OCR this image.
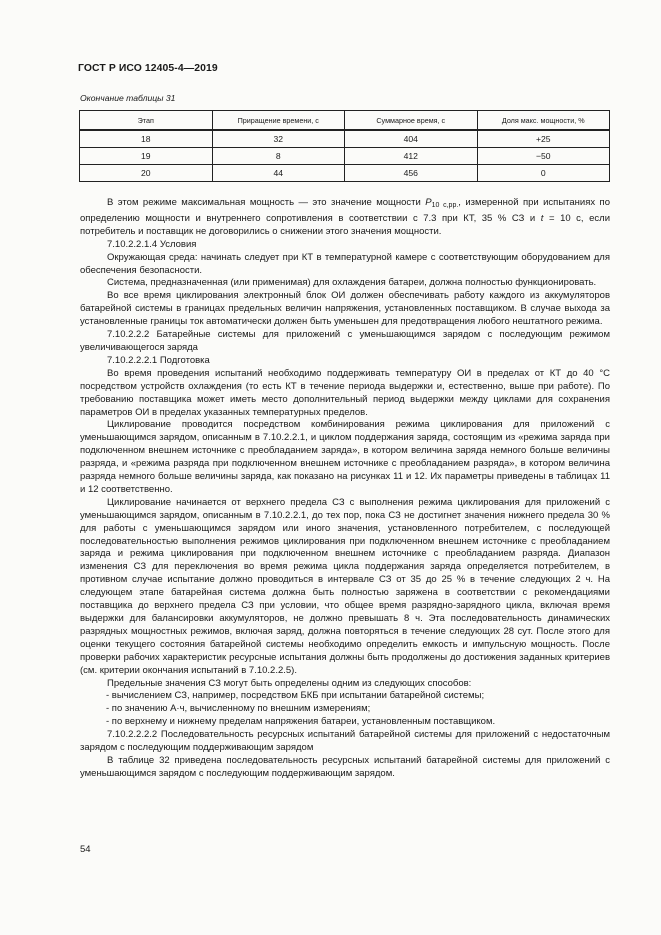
ГОСТ Р ИСО 12405-4—2019
Окончание таблицы 31
Этап	Приращение времени, с	Суммарное время, с	Доля макс. мощности, %
18	32	404	+25
19	8	412	−50
20	44	456	0

В этом режиме максимальная мощность — это значение мощности $P_{10 c,pp.}$, измеренной при испытаниях по определению мощности и внутреннего сопротивления в соответствии с 7.3 при КТ, 35 % СЗ и t = 10 с, если потребитель и поставщик не договорились о снижении этого значения мощности.

7.10.2.2.1.4 Условия

Окружающая среда: начинать следует при КТ в температурной камере с соответствующим оборудованием для обеспечения безопасности.

Система, предназначенная (или применимая) для охлаждения батареи, должна полностью функционировать.

Во все время циклирования электронный блок ОИ должен обеспечивать работу каждого из аккумуляторов батарейной системы в границах предельных величин напряжения, установленных поставщиком. В случае выхода за установленные границы ток автоматически должен быть уменьшен для предотвращения любого нештатного режима.

7.10.2.2.2 Батарейные системы для приложений с уменьшающимся зарядом с последующим режимом увеличивающегося заряда

7.10.2.2.2.1 Подготовка

Во время проведения испытаний необходимо поддерживать температуру ОИ в пределах от КТ до 40 °С посредством устройств охлаждения (то есть КТ в течение периода выдержки и, естественно, выше при работе). По требованию поставщика может иметь место дополнительный период выдержки между циклами для сохранения параметров ОИ в пределах указанных температурных пределов.

Циклирование проводится посредством комбинирования режима циклирования для приложений с уменьшающимся зарядом, описанным в 7.10.2.2.1, и циклом поддержания заряда, состоящим из «режима заряда при подключенном внешнем источнике с преобладанием заряда», в котором величина заряда немного больше величины разряда, и «режима разряда при подключенном внешнем источнике с преобладанием разряда», в котором величина разряда немного больше величины заряда, как показано на рисунках 11 и 12. Их параметры приведены в таблицах 11 и 12 соответственно.

Циклирование начинается от верхнего предела СЗ с выполнения режима циклирования для приложений с уменьшающимся зарядом, описанным в 7.10.2.2.1, до тех пор, пока СЗ не достигнет значения нижнего предела 30 % для работы с уменьшающимся зарядом или иного значения, установленного потребителем, с последующей последовательностью выполнения режимов циклирования при подключенном внешнем источнике с преобладанием заряда и режима циклирования при подключенном внешнем источнике с преобладанием разряда. Диапазон изменения СЗ для переключения во время режима цикла поддержания заряда определяется потребителем, в противном случае испытание должно проводиться в интервале СЗ от 35 до 25 % в течение следующих 2 ч. На следующем этапе батарейная система должна быть полностью заряжена в соответствии с рекомендациями поставщика до верхнего предела СЗ при условии, что общее время разрядно-зарядного цикла, включая время выдержки для балансировки аккумуляторов, не должно превышать 8 ч. Эта последовательность динамических разрядных мощностных режимов, включая заряд, должна повторяться в течение следующих 28 сут. После этого для оценки текущего состояния батарейной системы необходимо определить емкость и импульсную мощность. После проверки рабочих характеристик ресурсные испытания должны быть продолжены до достижения заданных критериев (см. критерии окончания испытаний в 7.10.2.2.5).

Предельные значения СЗ могут быть определены одним из следующих способов:

- вычислением СЗ, например, посредством БКБ при испытании батарейной системы;

- по значению А·ч, вычисленному по внешним измерениям;

- по верхнему и нижнему пределам напряжения батареи, установленным поставщиком.

7.10.2.2.2.2 Последовательность ресурсных испытаний батарейной системы для приложений с недостаточным зарядом с последующим поддерживающим зарядом

В таблице 32 приведена последовательность ресурсных испытаний батарейной системы для приложений с уменьшающимся зарядом с последующим поддерживающим зарядом.

54
